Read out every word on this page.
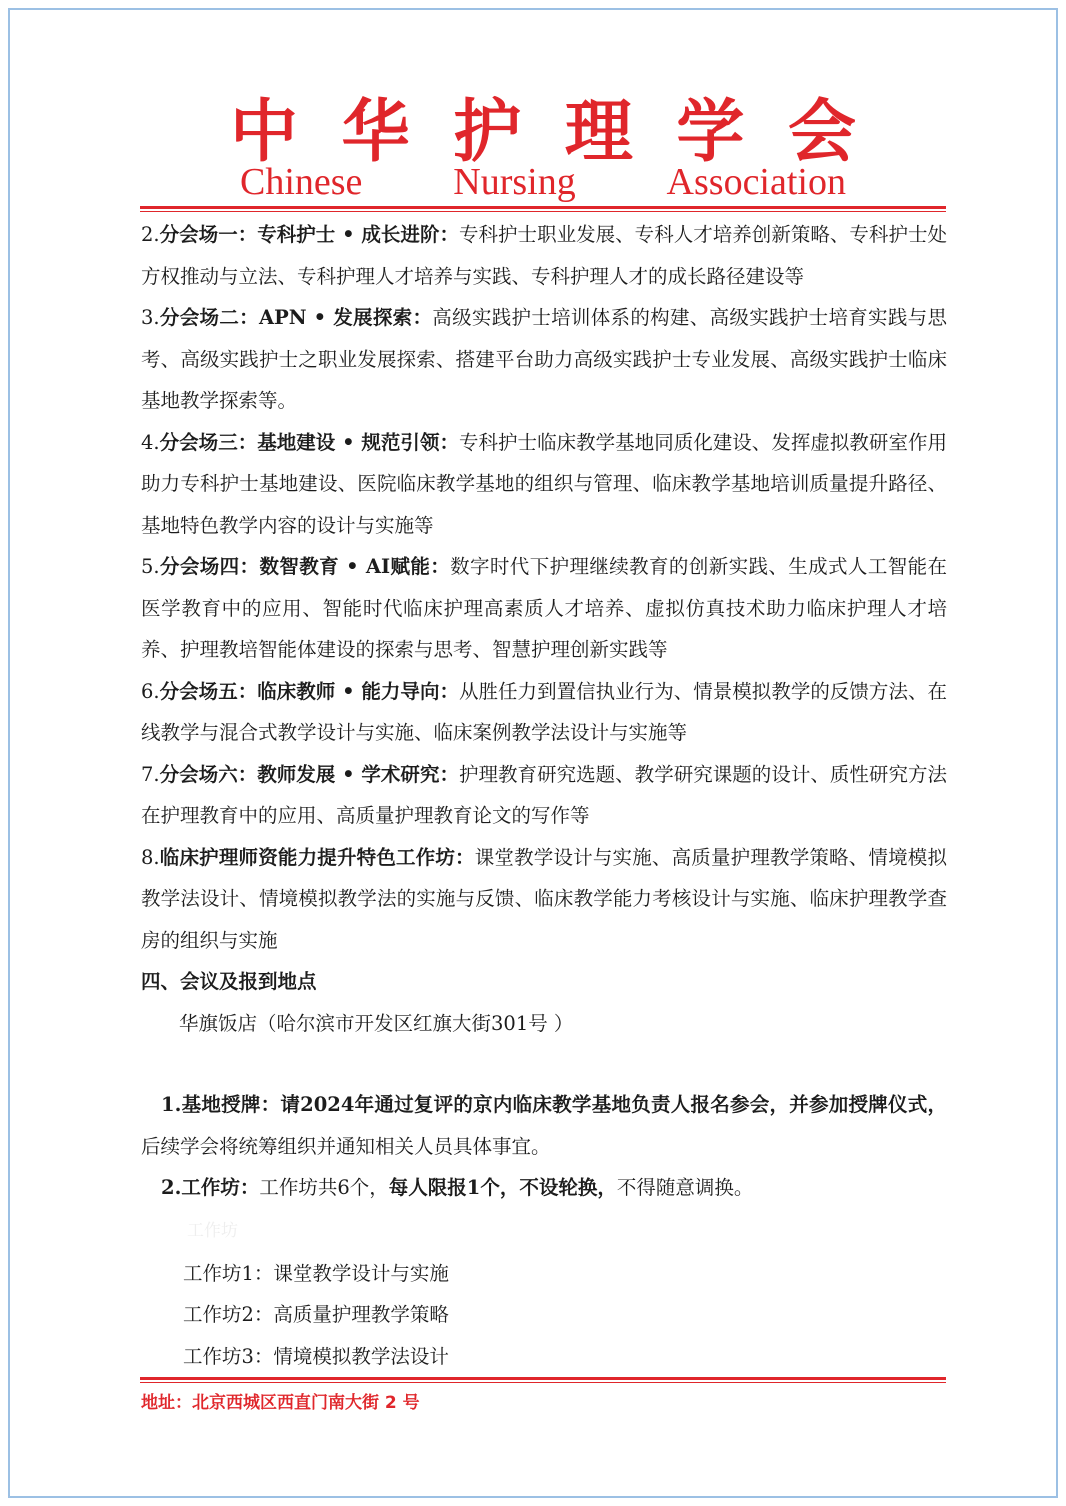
中 华 护 理 学 会
Chinese Nursing Association

2.分会场一：专科护士 • 成长进阶：专科护士职业发展、专科人才培养创新策略、专科护士处方权推动与立法、专科护理人才培养与实践、专科护理人才的成长路径建设等

3.分会场二：APN • 发展探索：高级实践护士培训体系的构建、高级实践护士培育实践与思考、高级实践护士之职业发展探索、搭建平台助力高级实践护士专业发展、高级实践护士临床基地教学探索等。

4.分会场三：基地建设 • 规范引领：专科护士临床教学基地同质化建设、发挥虚拟教研室作用助力专科护士基地建设、医院临床教学基地的组织与管理、临床教学基地培训质量提升路径、基地特色教学内容的设计与实施等

5.分会场四：数智教育 • AI赋能：数字时代下护理继续教育的创新实践、生成式人工智能在医学教育中的应用、智能时代临床护理高素质人才培养、虚拟仿真技术助力临床护理人才培养、护理教培智能体建设的探索与思考、智慧护理创新实践等

6.分会场五：临床教师 • 能力导向：从胜任力到置信执业行为、情景模拟教学的反馈方法、在线教学与混合式教学设计与实施、临床案例教学法设计与实施等

7.分会场六：教师发展 • 学术研究：护理教育研究选题、教学研究课题的设计、质性研究方法在护理教育中的应用、高质量护理教育论文的写作等

8.临床护理师资能力提升特色工作坊：课堂教学设计与实施、高质量护理教学策略、情境模拟教学法设计、情境模拟教学法的实施与反馈、临床教学能力考核设计与实施、临床护理教学查房的组织与实施

四、会议及报到地点

华旗饭店（哈尔滨市开发区红旗大街301号 ）

1.基地授牌：请2024年通过复评的京内临床教学基地负责人报名参会，并参加授牌仪式，后续学会将统筹组织并通知相关人员具体事宜。

2.工作坊：工作坊共6个，每人限报1个，不设轮换，不得随意调换。

工作坊

工作坊1：课堂教学设计与实施

工作坊2：高质量护理教学策略

工作坊3：情境模拟教学法设计

地址：北京西城区西直门南大街 2 号
